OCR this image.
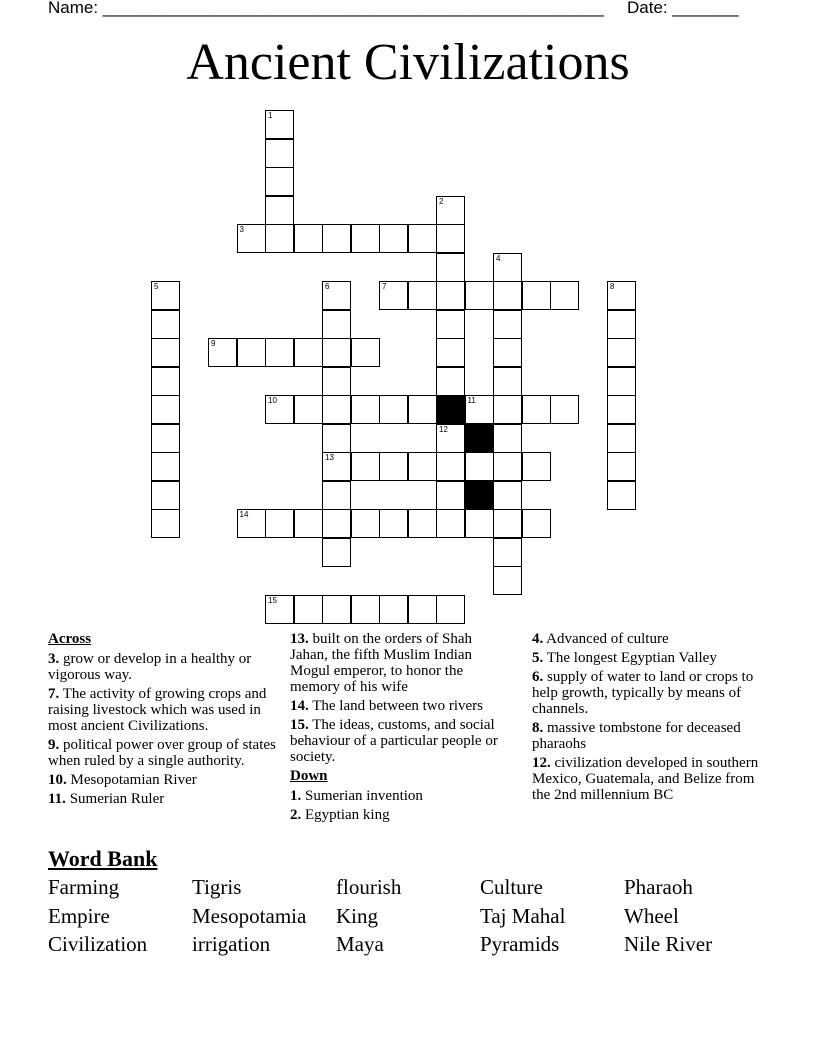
Name: _____________________________________________________ Date: _______
Ancient Civilizations
1
2
3
4
5	6	7	8
9
10	11
12
13
14
15
Across
3. grow or develop in a healthy or vigorous way.
7. The activity of growing crops and raising livestock which was used in most ancient Civilizations.
9. political power over group of states when ruled by a single authority.
10. Mesopotamian River
11. Sumerian Ruler
13. built on the orders of Shah Jahan, the fifth Muslim Indian Mogul emperor, to honor the memory of his wife
14. The land between two rivers
15. The ideas, customs, and social behaviour of a particular people or society.
Down
1. Sumerian invention
2. Egyptian king
4. Advanced of culture
5. The longest Egyptian Valley
6. supply of water to land or crops to help growth, typically by means of channels.
8. massive tombstone for deceased pharaohs
12. civilization developed in southern Mexico, Guatemala, and Belize from the 2nd millennium BC
Word Bank
Farming	Tigris	flourish	Culture	Pharaoh
Empire	Mesopotamia	King	Taj Mahal	Wheel
Civilization	irrigation	Maya	Pyramids	Nile River
